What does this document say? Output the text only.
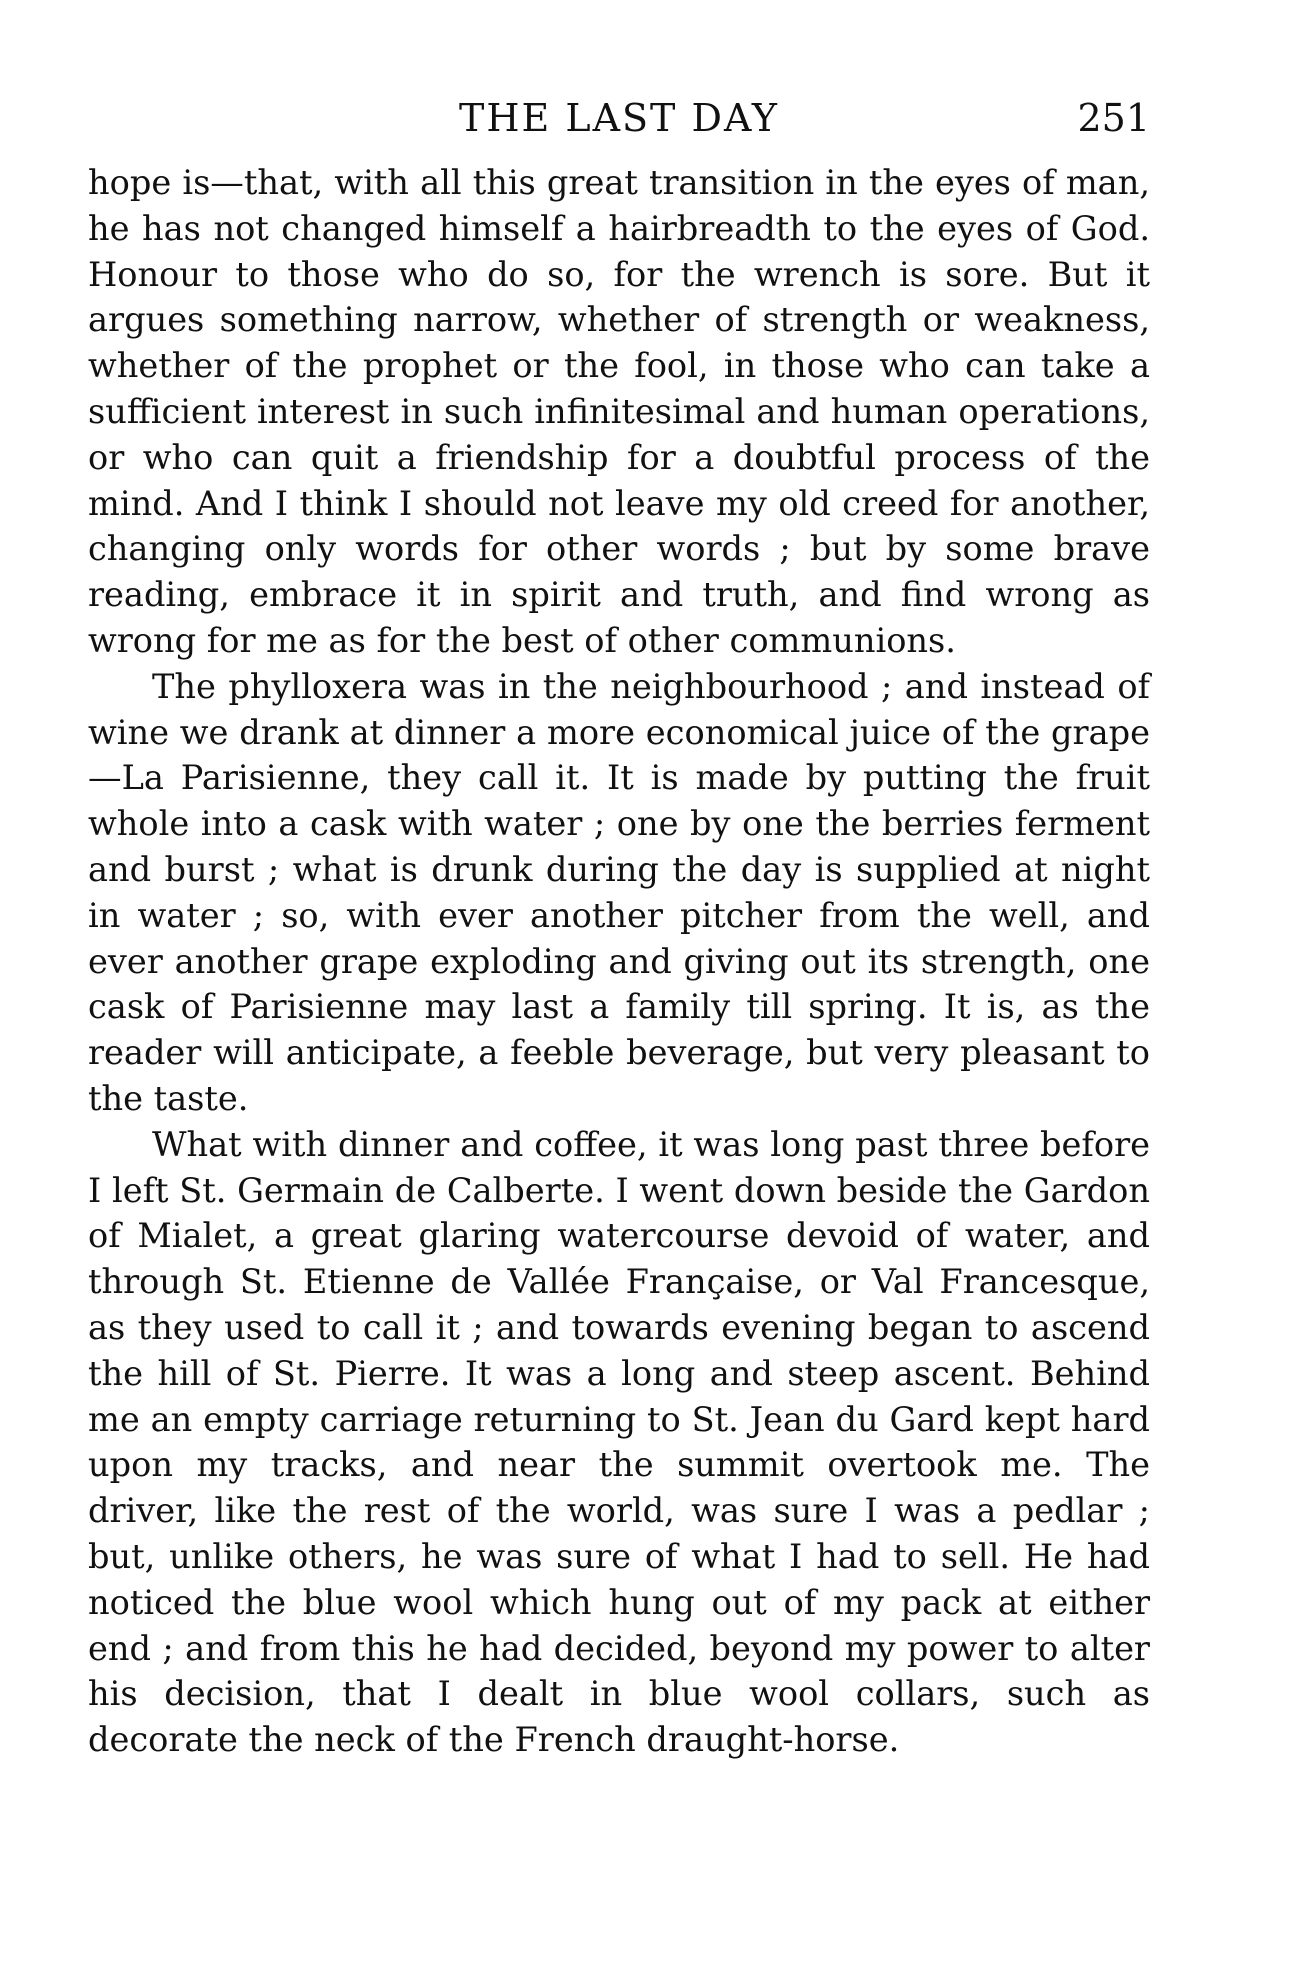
THE LAST DAY	251

hope is—that, with all this great transition in the eyes of man, he has not changed himself a hairbreadth to the eyes of God. Honour to those who do so, for the wrench is sore. But it argues something narrow, whether of strength or weakness, whether of the prophet or the fool, in those who can take a sufficient interest in such infinitesimal and human operations, or who can quit a friendship for a doubtful process of the mind. And I think I should not leave my old creed for another, changing only words for other words ; but by some brave reading, embrace it in spirit and truth, and find wrong as wrong for me as for the best of other communions.

The phylloxera was in the neighbourhood ; and instead of wine we drank at dinner a more economical juice of the grape—La Parisienne, they call it. It is made by putting the fruit whole into a cask with water ; one by one the berries ferment and burst ; what is drunk during the day is supplied at night in water ; so, with ever another pitcher from the well, and ever another grape exploding and giving out its strength, one cask of Parisienne may last a family till spring. It is, as the reader will anticipate, a feeble beverage, but very pleasant to the taste.

What with dinner and coffee, it was long past three before I left St. Germain de Calberte. I went down beside the Gardon of Mialet, a great glaring watercourse devoid of water, and through St. Etienne de Vallée Française, or Val Francesque, as they used to call it ; and towards evening began to ascend the hill of St. Pierre. It was a long and steep ascent. Behind me an empty carriage returning to St. Jean du Gard kept hard upon my tracks, and near the summit overtook me. The driver, like the rest of the world, was sure I was a pedlar ; but, unlike others, he was sure of what I had to sell. He had noticed the blue wool which hung out of my pack at either end ; and from this he had decided, beyond my power to alter his decision, that I dealt in blue wool collars, such as decorate the neck of the French draught-horse.
